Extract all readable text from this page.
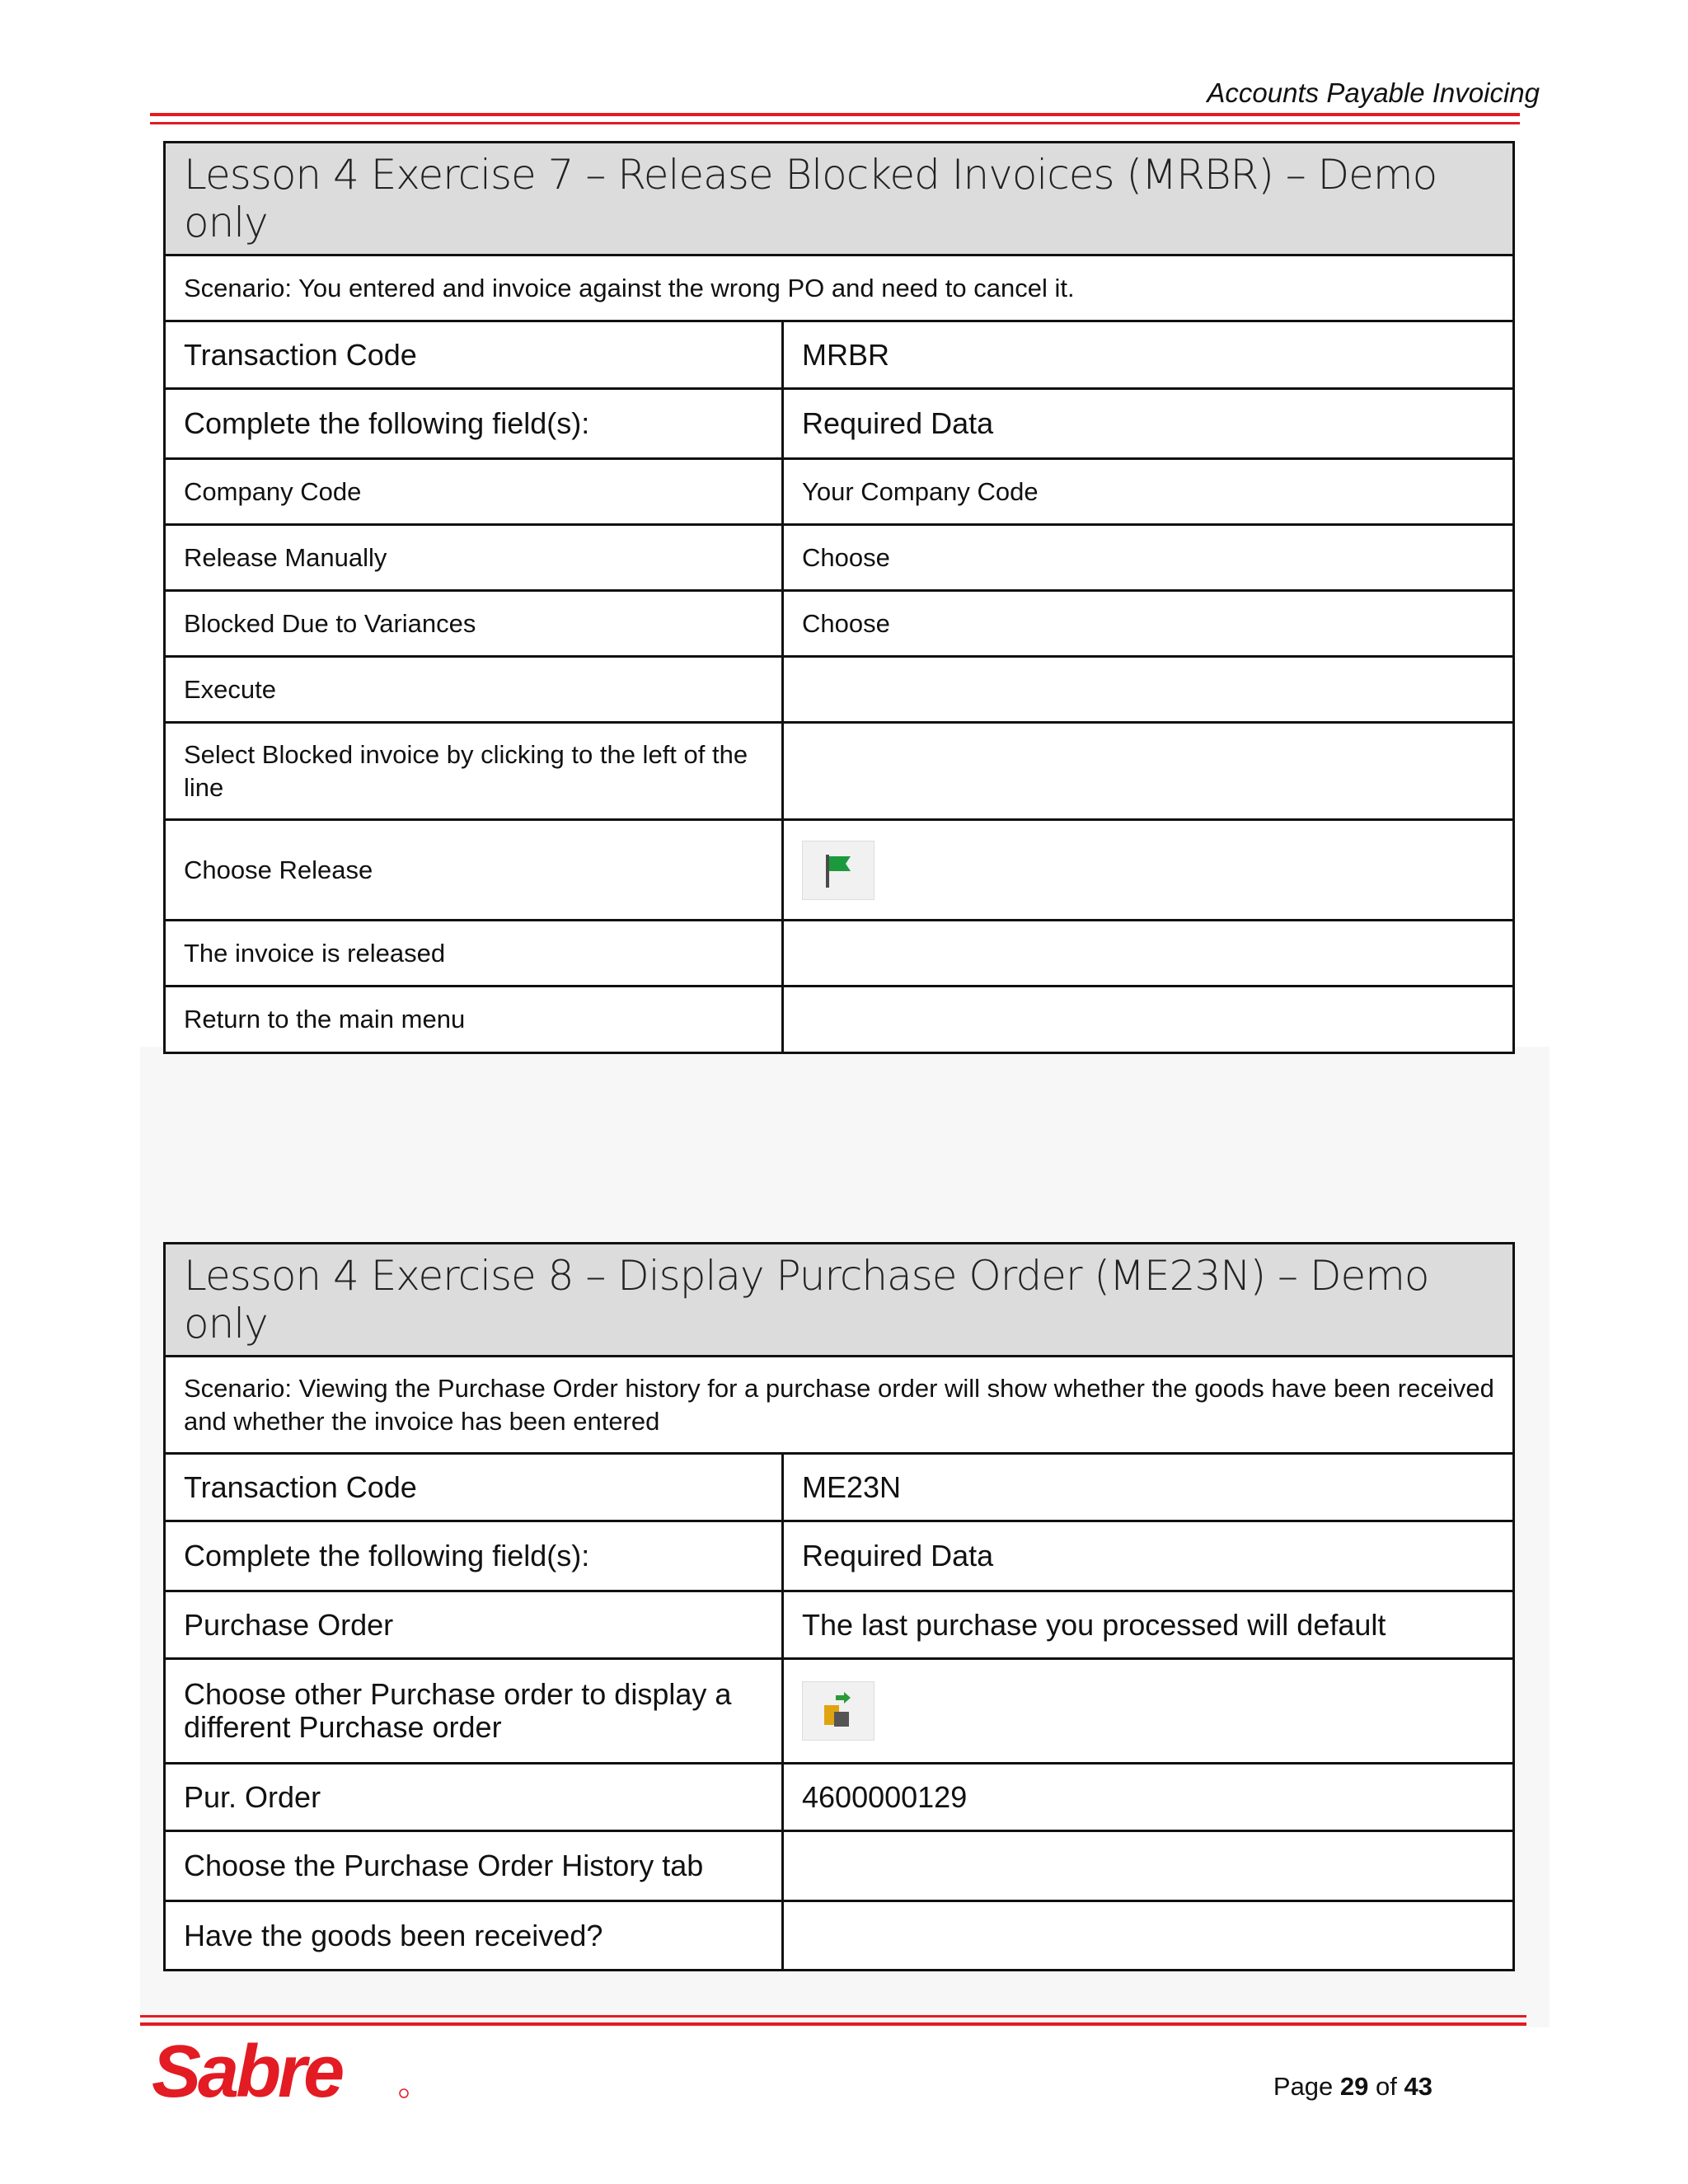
Accounts Payable Invoicing
Lesson 4 Exercise 7 – Release Blocked Invoices (MRBR) – Demo only
Scenario: You entered and invoice against the wrong PO and need to cancel it.
Transaction Code	MRBR
Complete the following field(s):	Required Data
Company Code	Your Company Code
Release Manually	Choose
Blocked Due to Variances	Choose
Execute
Select Blocked invoice by clicking to the left of the line
Choose Release
The invoice is released
Return to the main menu
Lesson 4 Exercise 8 – Display Purchase Order (ME23N) – Demo only
Scenario: Viewing the Purchase Order history for a purchase order will show whether the goods have been received and whether the invoice has been entered
Transaction Code	ME23N
Complete the following field(s):	Required Data
Purchase Order	The last purchase you processed will default
Choose other Purchase order to display a different Purchase order
Pur. Order	4600000129
Choose the Purchase Order History tab
Have the goods been received?
Sabre	Page 29 of 43
